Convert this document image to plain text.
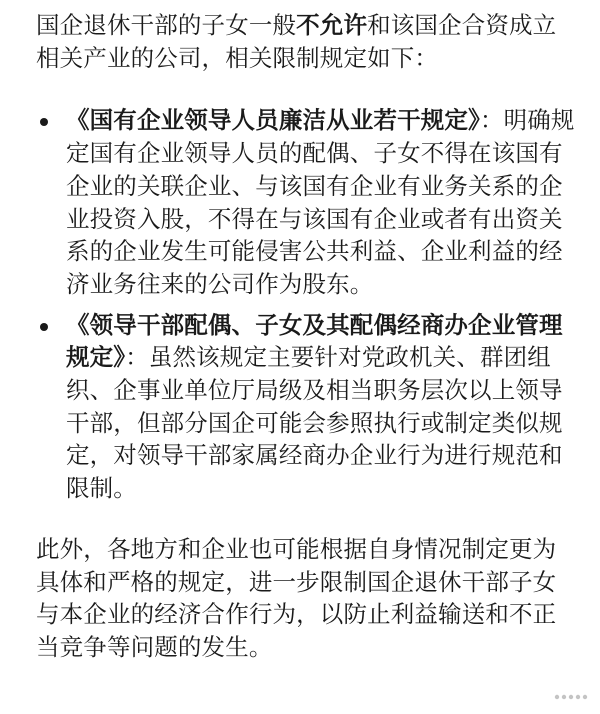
国企退休干部的子女一般不允许和该国企合资成立相关产业的公司，相关限制规定如下：

《国有企业领导人员廉洁从业若干规定》：明确规定国有企业领导人员的配偶、子女不得在该国有企业的关联企业、与该国有企业有业务关系的企业投资入股，不得在与该国有企业或者有出资关系的企业发生可能侵害公共利益、企业利益的经济业务往来的公司作为股东。

《领导干部配偶、子女及其配偶经商办企业管理规定》：虽然该规定主要针对党政机关、群团组织、企事业单位厅局级及相当职务层次以上领导干部，但部分国企可能会参照执行或制定类似规定，对领导干部家属经商办企业行为进行规范和限制。

此外，各地方和企业也可能根据自身情况制定更为具体和严格的规定，进一步限制国企退休干部子女与本企业的经济合作行为，以防止利益输送和不正当竞争等问题的发生。
